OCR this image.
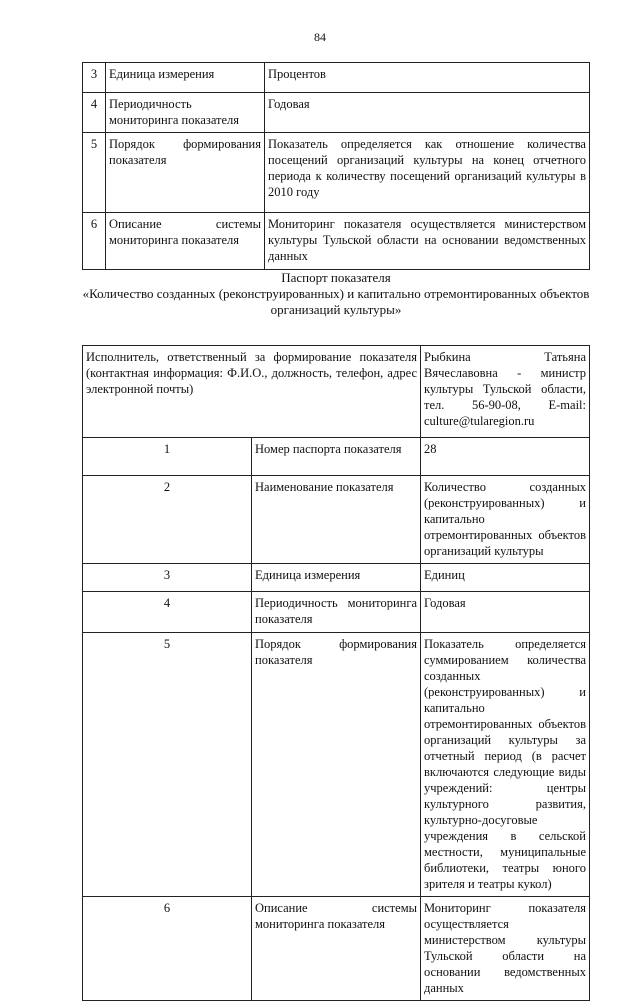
84
3	Единица измерения	Процентов
4	Периодичность мониторинга показателя	Годовая
5	Порядок формирования показателя	Показатель определяется как отношение количества посещений организаций культуры на конец отчетного периода к количеству посещений организаций культуры в 2010 году
6	Описание системы мониторинга показателя	Мониторинг показателя осуществляется министерством культуры Тульской области на основании ведомственных данных
Паспорт показателя
«Количество созданных (реконструированных) и капитально отремонтированных объектов организаций культуры»
Исполнитель, ответственный за формирование показателя (контактная информация: Ф.И.О., должность, телефон, адрес электронной почты)		Рыбкина Татьяна Вячеславовна - министр культуры Тульской области, тел. 56-90-08, E-mail: culture@tularegion.ru
1	Номер паспорта показателя	28
2	Наименование показателя	Количество созданных (реконструированных) и капитально отремонтированных объектов организаций культуры
3	Единица измерения	Единиц
4	Периодичность мониторинга показателя	Годовая
5	Порядок формирования показателя	Показатель определяется суммированием количества созданных (реконструированных) и капитально отремонтированных объектов организаций культуры за отчетный период (в расчет включаются следующие виды учреждений: центры культурного развития, культурно-досуговые учреждения в сельской местности, муниципальные библиотеки, театры юного зрителя и театры кукол)
6	Описание системы мониторинга показателя	Мониторинг показателя осуществляется министерством культуры Тульской области на основании ведомственных данных
